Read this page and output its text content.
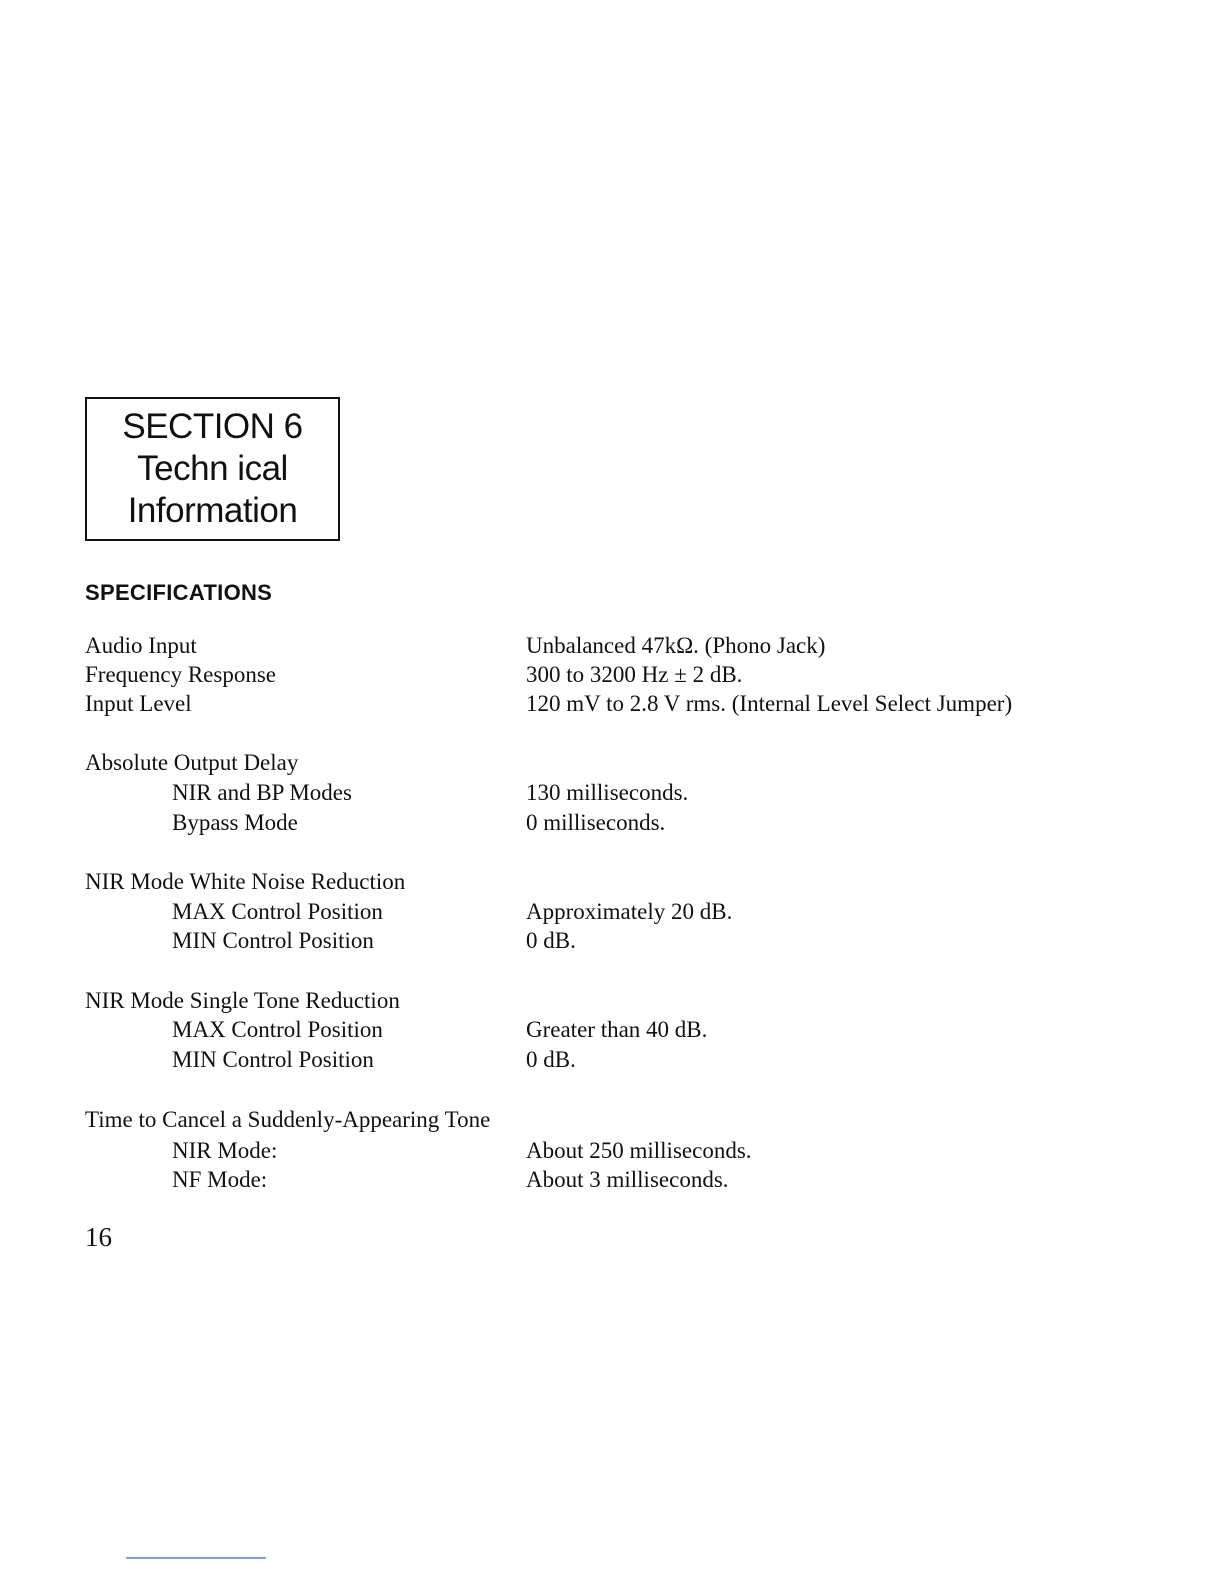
SECTION 6
Techn ical
Information
SPECIFICATIONS
Audio Input	Unbalanced 47kΩ. (Phono Jack)
Frequency Response	300 to 3200 Hz ± 2 dB.
Input Level	120 mV to 2.8 V rms. (Internal Level Select Jumper)
Absolute Output Delay
NIR and BP Modes	130 milliseconds.
Bypass Mode	0 milliseconds.
NIR Mode White Noise Reduction
MAX Control Position	Approximately 20 dB.
MIN Control Position	0 dB.
NIR Mode Single Tone Reduction
MAX Control Position	Greater than 40 dB.
MIN Control Position	0 dB.
Time to Cancel a Suddenly-Appearing Tone
NIR Mode:	About 250 milliseconds.
NF Mode:	About 3 milliseconds.
16
